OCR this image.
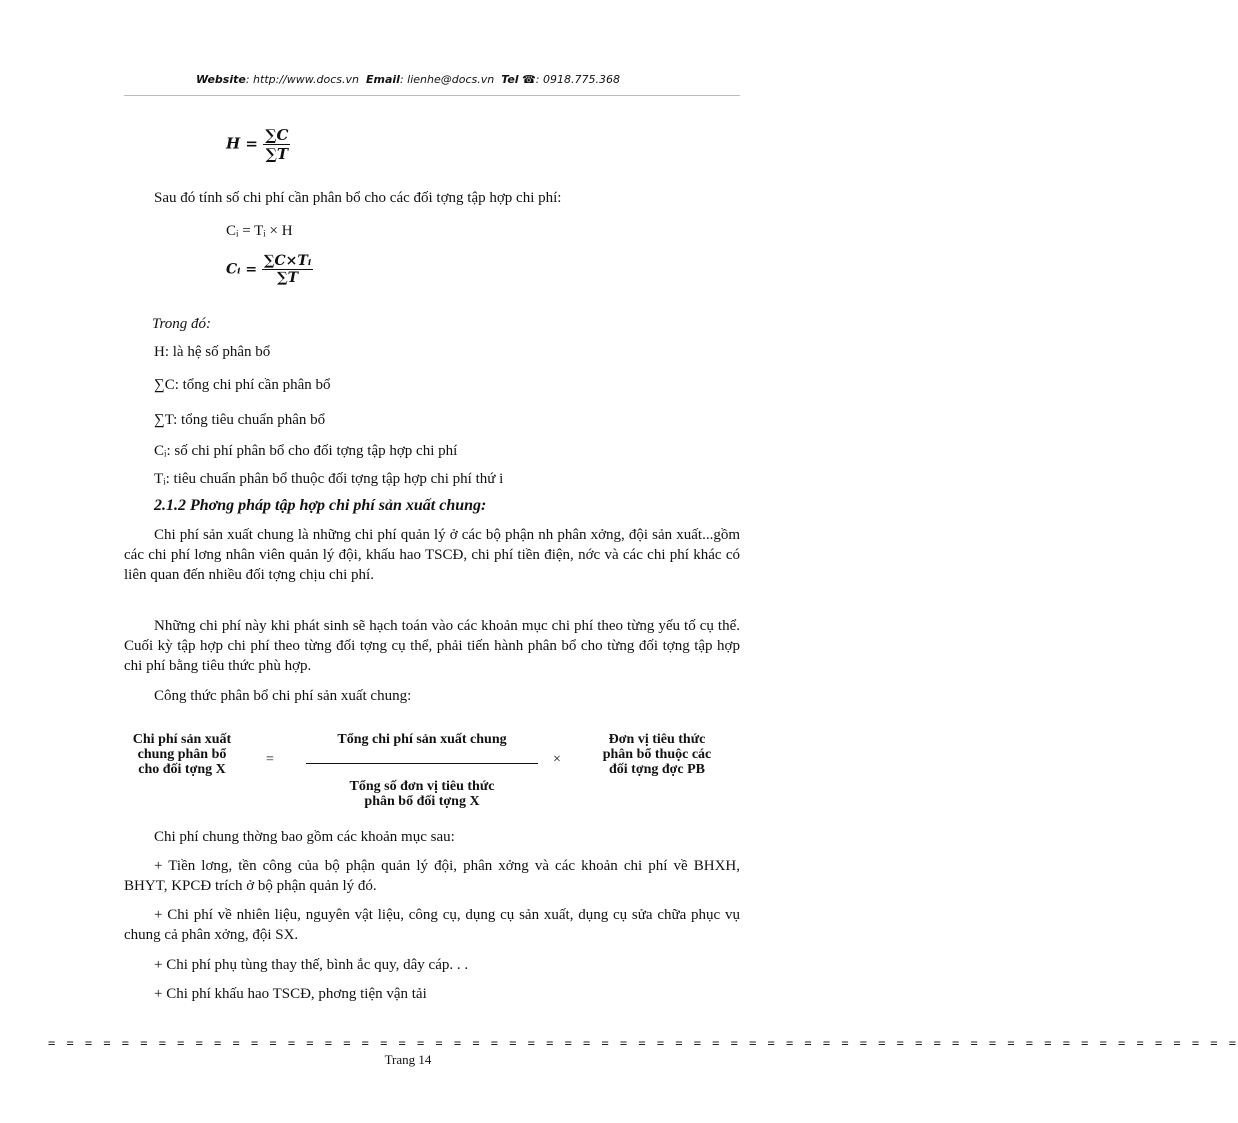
Website: http://www.docs.vn Email: lienhe@docs.vn Tel ☎: 0918.775.368
$H = \frac{\sum C}{\sum T}$
Sau đó tính số chi phí cần phân bổ cho các đối tợng tập hợp chi phí:
Cᵢ = Tᵢ × H
Cᵢ = $\frac{\text{∑C×Tᵢ}}{\sum T}$
Trong đó:
H: là hệ số phân bổ
∑C: tổng chi phí cần phân bổ
∑T: tổng tiêu chuẩn phân bổ
Cᵢ: số chi phí phân bổ cho đối tợng tập hợp chi phí
Tᵢ: tiêu chuẩn phân bổ thuộc đối tợng tập hợp chi phí thứ i
2.1.2 Phơng pháp tập hợp chi phí sản xuất chung:
Chi phí sản xuất chung là những chi phí quản lý ở các bộ phận nh phân xởng, đội sản xuất...gồm các chi phí lơng nhân viên quản lý đội, khấu hao TSCĐ, chi phí tiền điện, nớc và các chi phí khác có liên quan đến nhiều đối tợng chịu chi phí.
Những chi phí này khi phát sinh sẽ hạch toán vào các khoản mục chi phí theo từng yếu tố cụ thể. Cuối kỳ tập hợp chi phí theo từng đối tợng cụ thể, phải tiến hành phân bổ cho từng đối tợng tập hợp chi phí bằng tiêu thức phù hợp.
Công thức phân bổ chi phí sản xuất chung:
Chi phí sản xuất
chung phân bổ
cho đối tợng X
=
Tổng chi phí sản xuất chung
Tổng số đơn vị tiêu thức
phân bổ đối tợng X
×
Đơn vị tiêu thức
phân bổ thuộc các
đối tợng đợc PB
Chi phí chung thờng bao gồm các khoản mục sau:
+ Tiền lơng, tền công của bộ phận quản lý đội, phân xởng và các khoản chi phí về BHXH, BHYT, KPCĐ trích ở bộ phận quản lý đó.
+ Chi phí về nhiên liệu, nguyên vật liệu, công cụ, dụng cụ sản xuất, dụng cụ sửa chữa phục vụ chung cả phân xởng, đội SX.
+ Chi phí phụ tùng thay thế, bình ắc quy, dây cáp. . .
+ Chi phí khấu hao TSCĐ, phơng tiện vận tải
= = = = = = = = = = = = = = = = = = = = = = = = = = = = = = = = = = = = = = = = = = = = = = = = = = = = = = = = = = = = = = = = =
Trang 14
